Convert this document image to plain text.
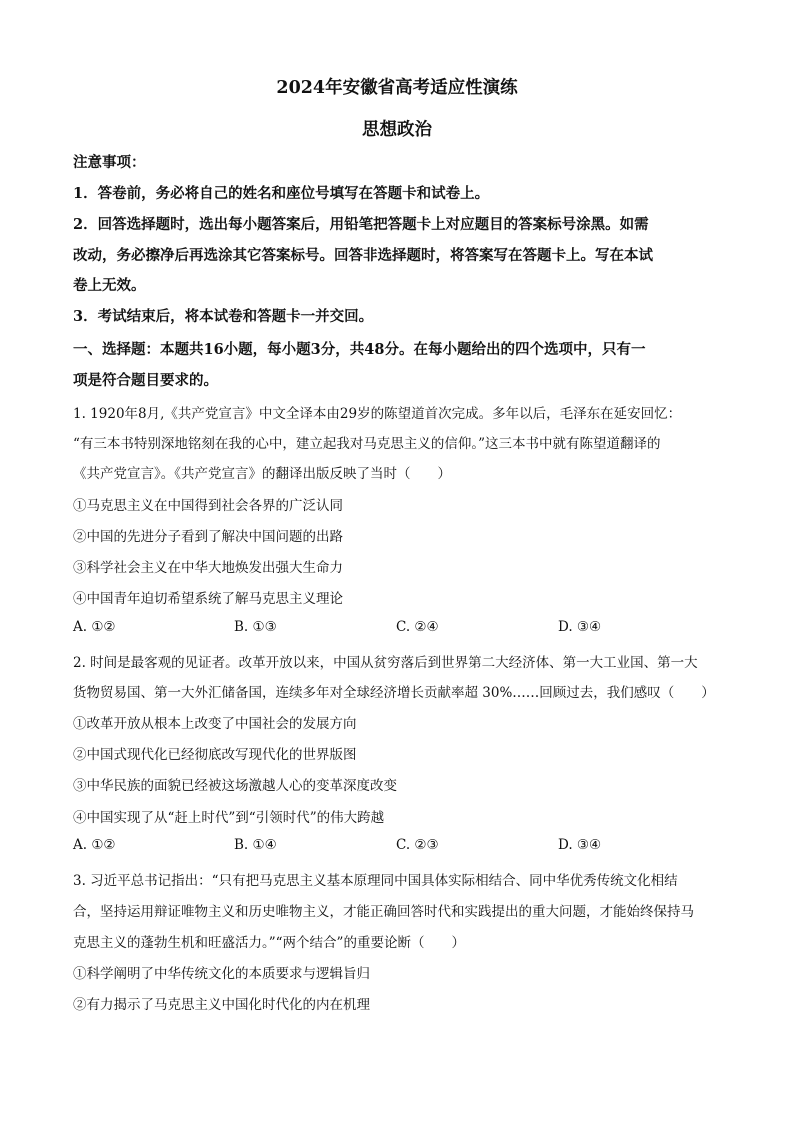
2024年安徽省高考适应性演练
思想政治
注意事项：
1．答卷前，务必将自己的姓名和座位号填写在答题卡和试卷上。
2．回答选择题时，选出每小题答案后，用铅笔把答题卡上对应题目的答案标号涂黑。如需
改动，务必擦净后再选涂其它答案标号。回答非选择题时，将答案写在答题卡上。写在本试
卷上无效。
3．考试结束后，将本试卷和答题卡一并交回。
一、选择题：本题共16小题，每小题3分，共48分。在每小题给出的四个选项中，只有一
项是符合题目要求的。
1. 1920年8月,《共产党宣言》中文全译本由29岁的陈望道首次完成。多年以后，毛泽东在延安回忆：
“有三本书特别深地铭刻在我的心中，建立起我对马克思主义的信仰。”这三本书中就有陈望道翻译的
《共产党宣言》。《共产党宣言》的翻译出版反映了当时（　　）
①马克思主义在中国得到社会各界的广泛认同
②中国的先进分子看到了解决中国问题的出路
③科学社会主义在中华大地焕发出强大生命力
④中国青年迫切希望系统了解马克思主义理论
A. ①②	B. ①③	C. ②④	D. ③④
2. 时间是最客观的见证者。改革开放以来，中国从贫穷落后到世界第二大经济体、第一大工业国、第一大
货物贸易国、第一大外汇储备国，连续多年对全球经济增长贡献率超 30%……回顾过去，我们感叹（　　）
①改革开放从根本上改变了中国社会的发展方向
②中国式现代化已经彻底改写现代化的世界版图
③中华民族的面貌已经被这场激越人心的变革深度改变
④中国实现了从“赶上时代”到“引领时代”的伟大跨越
A. ①②	B. ①④	C. ②③	D. ③④
3. 习近平总书记指出：“只有把马克思主义基本原理同中国具体实际相结合、同中华优秀传统文化相结
合，坚持运用辩证唯物主义和历史唯物主义，才能正确回答时代和实践提出的重大问题，才能始终保持马
克思主义的蓬勃生机和旺盛活力。”“两个结合”的重要论断（　　）
①科学阐明了中华传统文化的本质要求与逻辑旨归
②有力揭示了马克思主义中国化时代化的内在机理
